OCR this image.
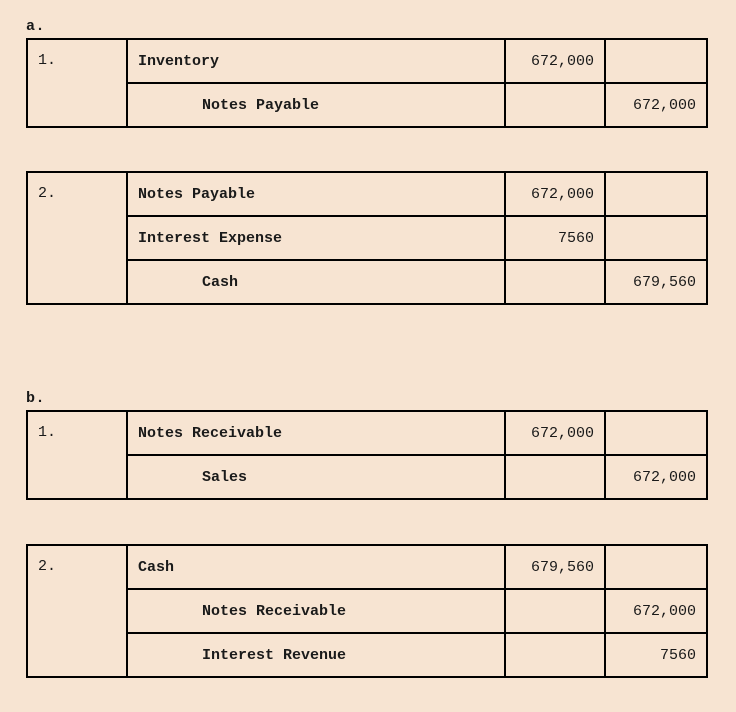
a.
1.	Inventory	672,000	
	Notes Payable		672,000
2.	Notes Payable	672,000	
	Interest Expense	7560	
	Cash		679,560
b.
1.	Notes Receivable	672,000	
	Sales		672,000
2.	Cash	679,560	
	Notes Receivable		672,000
	Interest Revenue		7560
